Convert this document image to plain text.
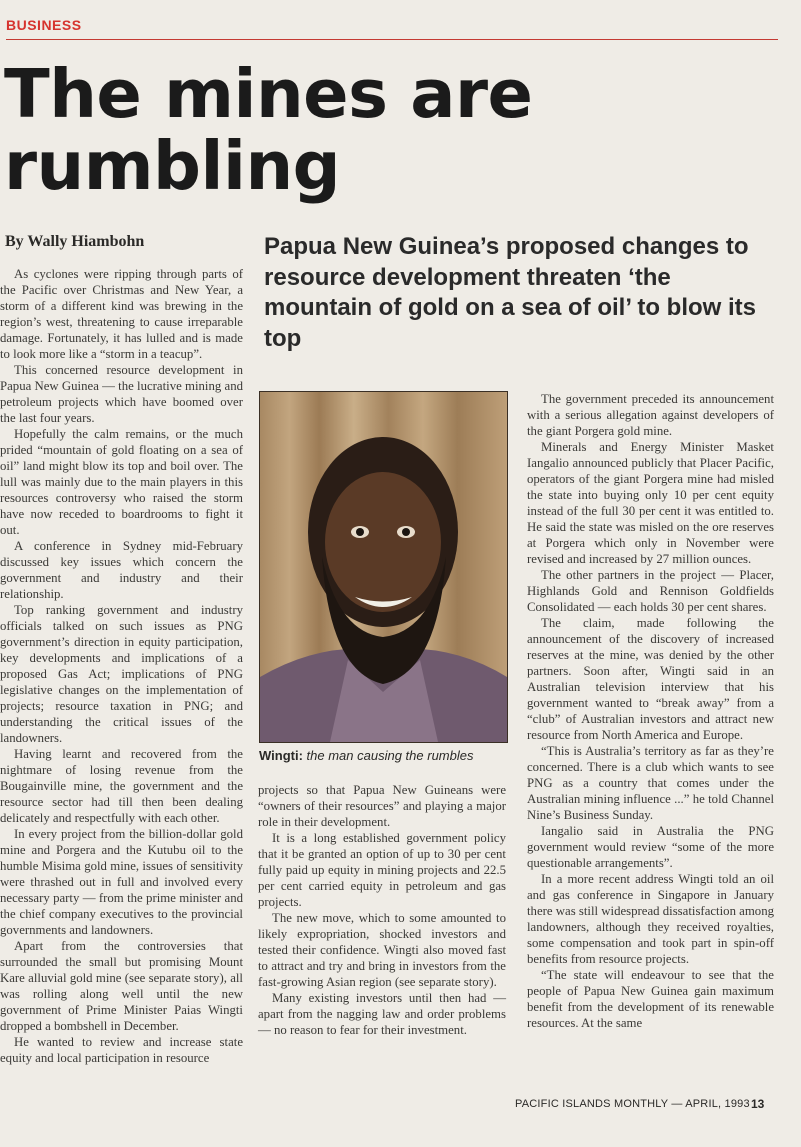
BUSINESS
The mines are rumbling
By Wally Hiambohn	Papua New Guinea’s proposed changes to resource development threaten ‘the mountain of gold on a sea of oil’ to blow its top

As cyclones were ripping through parts of the Pacific over Christmas and New Year, a storm of a different kind was brewing in the region’s west, threatening to cause irreparable damage. Fortunately, it has lulled and is made to look more like a “storm in a teacup”.

This concerned resource development in Papua New Guinea — the lucrative mining and petroleum projects which have boomed over the last four years.

Hopefully the calm remains, or the much prided “mountain of gold floating on a sea of oil” land might blow its top and boil over. The lull was mainly due to the main players in this resources controversy who raised the storm have now receded to boardrooms to fight it out.

A conference in Sydney mid-February discussed key issues which concern the government and industry and their relationship.

Top ranking government and industry officials talked on such issues as PNG government’s direction in equity participation, key developments and implications of a proposed Gas Act; implications of PNG legislative changes on the implementation of projects; resource taxation in PNG; and understanding the critical issues of the landowners.

Having learnt and recovered from the nightmare of losing revenue from the Bougainville mine, the government and the resource sector had till then been dealing delicately and respectfully with each other.

In every project from the billion-dollar gold mine and Porgera and the Kutubu oil to the humble Misima gold mine, issues of sensitivity were thrashed out in full and involved every necessary party — from the prime minister and the chief company executives to the provincial governments and landowners.

Apart from the controversies that surrounded the small but promising Mount Kare alluvial gold mine (see separate story), all was rolling along well until the new government of Prime Minister Paias Wingti dropped a bombshell in December.

He wanted to review and increase state equity and local participation in resource

Wingti: the man causing the rumbles

projects so that Papua New Guineans were “owners of their resources” and playing a major role in their development.

It is a long established government policy that it be granted an option of up to 30 per cent fully paid up equity in mining projects and 22.5 per cent carried equity in petroleum and gas projects.

The new move, which to some amounted to likely expropriation, shocked investors and tested their confidence. Wingti also moved fast to attract and try and bring in investors from the fast-growing Asian region (see separate story).

Many existing investors until then had — apart from the nagging law and order problems — no reason to fear for their investment.

The government preceded its announcement with a serious allegation against developers of the giant Porgera gold mine.

Minerals and Energy Minister Masket Iangalio announced publicly that Placer Pacific, operators of the giant Porgera mine had misled the state into buying only 10 per cent equity instead of the full 30 per cent it was entitled to. He said the state was misled on the ore reserves at Porgera which only in November were revised and increased by 27 million ounces.

The other partners in the project — Placer, Highlands Gold and Rennison Goldfields Consolidated — each holds 30 per cent shares.

The claim, made following the announcement of the discovery of increased reserves at the mine, was denied by the other partners. Soon after, Wingti said in an Australian television interview that his government wanted to “break away” from a “club” of Australian investors and attract new resource from North America and Europe.

“This is Australia’s territory as far as they’re concerned. There is a club which wants to see PNG as a country that comes under the Australian mining influence ...” he told Channel Nine’s Business Sunday.

Iangalio said in Australia the PNG government would review “some of the more questionable arrangements”.

In a more recent address Wingti told an oil and gas conference in Singapore in January there was still widespread dissatisfaction among landowners, although they received royalties, some compensation and took part in spin-off benefits from resource projects.

“The state will endeavour to see that the people of Papua New Guinea gain maximum benefit from the development of its renewable resources. At the same

PACIFIC ISLANDS MONTHLY — APRIL, 1993 13
